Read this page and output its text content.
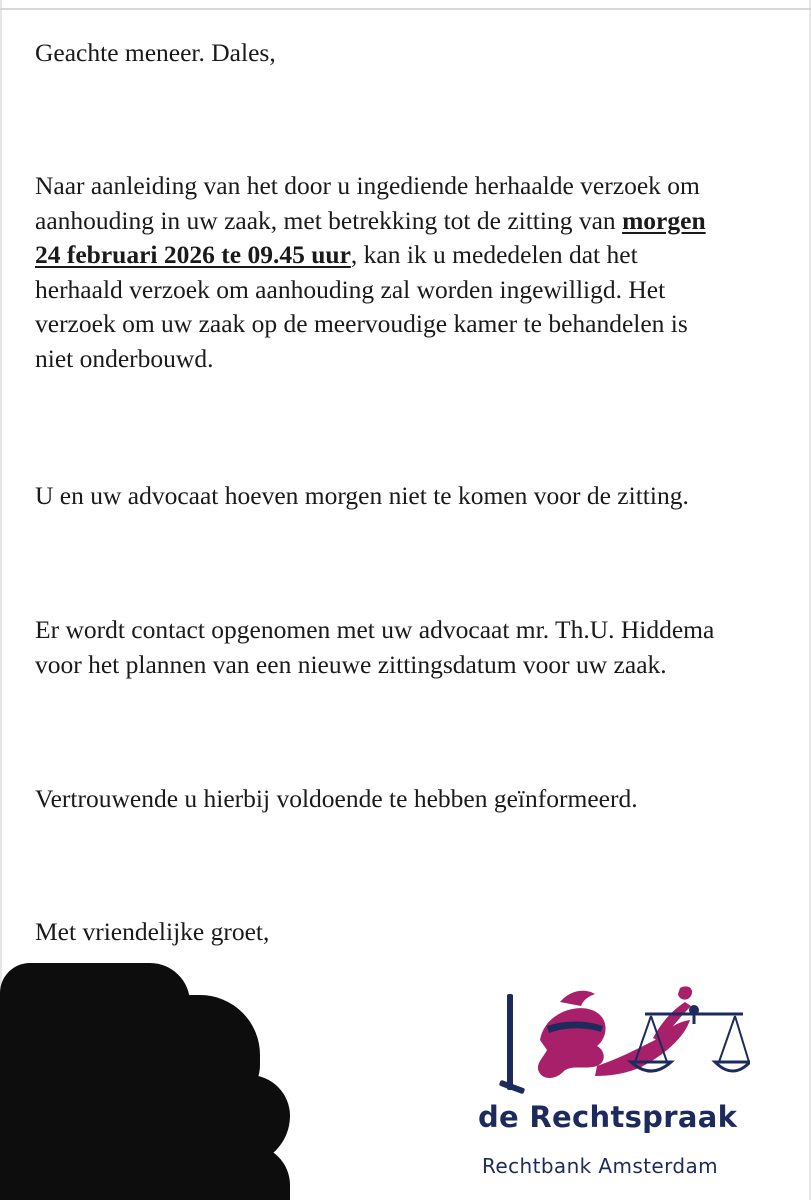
Geachte meneer. Dales,

Naar aanleiding van het door u ingediende herhaalde verzoek om
aanhouding in uw zaak, met betrekking tot de zitting van morgen
24 februari 2026 te 09.45 uur, kan ik u mededelen dat het
herhaald verzoek om aanhouding zal worden ingewilligd. Het
verzoek om uw zaak op de meervoudige kamer te behandelen is
niet onderbouwd.

U en uw advocaat hoeven morgen niet te komen voor de zitting.

Er wordt contact opgenomen met uw advocaat mr. Th.U. Hiddema
voor het plannen van een nieuwe zittingsdatum voor uw zaak.

Vertrouwende u hierbij voldoende te hebben geïnformeerd.

Met vriendelijke groet,

de Rechtspraak
Rechtbank Amsterdam
